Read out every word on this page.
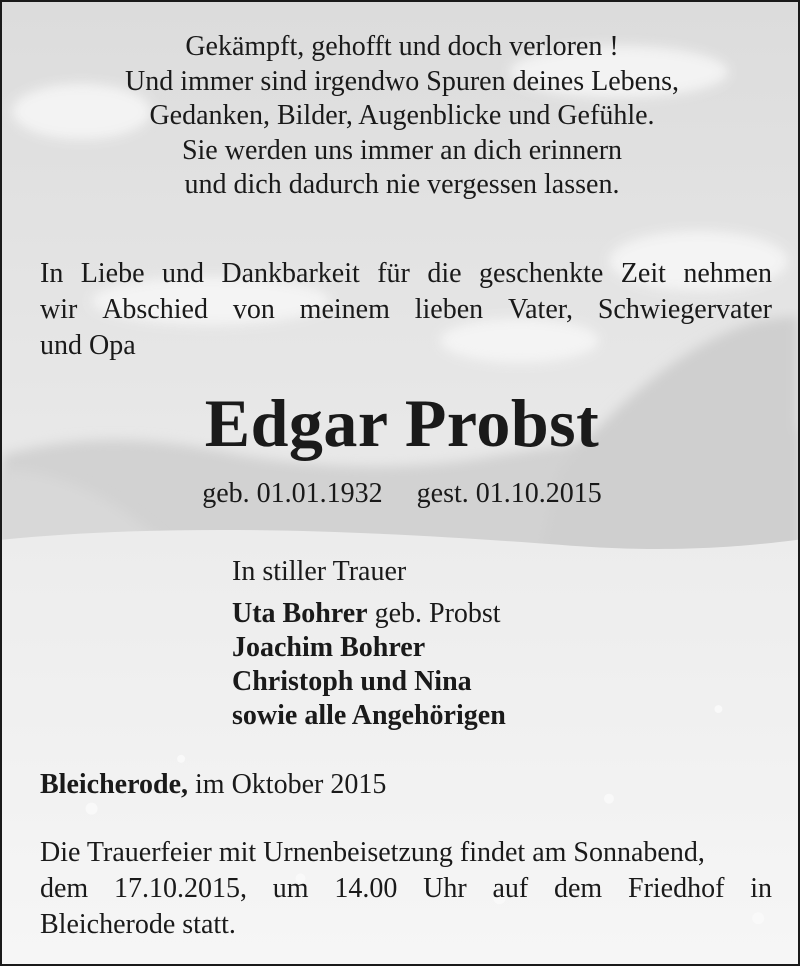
Gekämpft, gehofft und doch verloren !
Und immer sind irgendwo Spuren deines Lebens,
Gedanken, Bilder, Augenblicke und Gefühle.
Sie werden uns immer an dich erinnern
und dich dadurch nie vergessen lassen.
In Liebe und Dankbarkeit für die geschenkte Zeit nehmen
wir Abschied von meinem lieben Vater, Schwiegervater
und Opa
Edgar Probst
geb. 01.01.1932 gest. 01.10.2015
In stiller Trauer
Uta Bohrer geb. Probst
Joachim Bohrer
Christoph und Nina
sowie alle Angehörigen
Bleicherode, im Oktober 2015
Die Trauerfeier mit Urnenbeisetzung findet am Sonnabend,
dem 17.10.2015, um 14.00 Uhr auf dem Friedhof in
Bleicherode statt.
